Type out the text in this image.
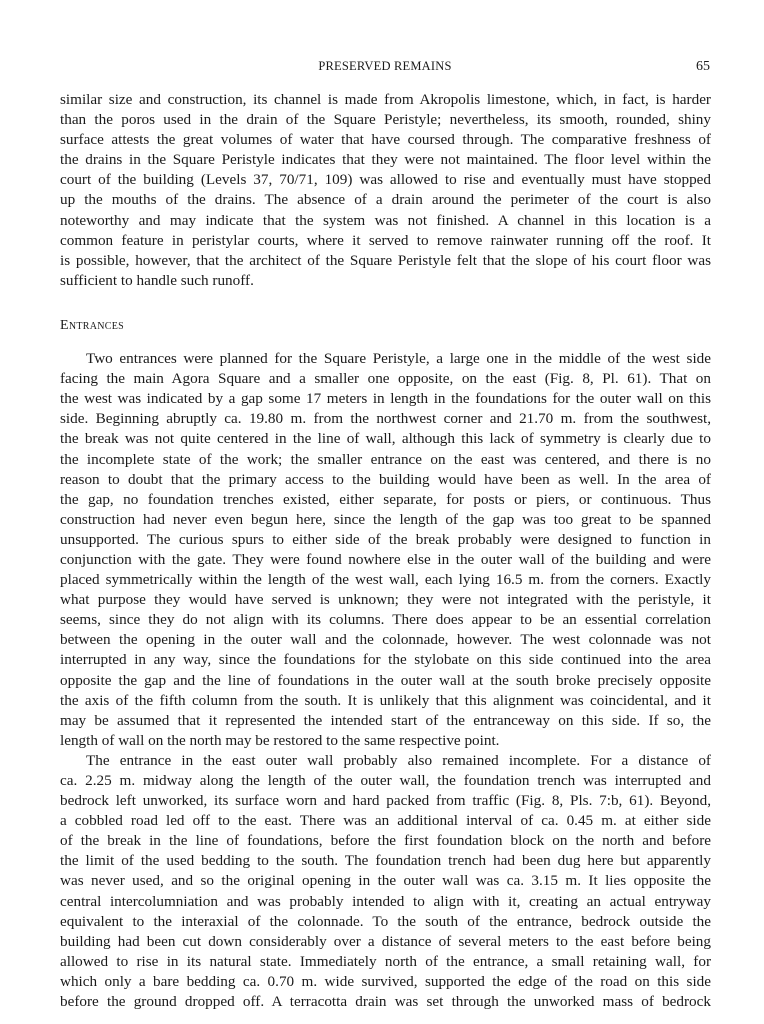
PRESERVED REMAINS	65
similar size and construction, its channel is made from Akropolis limestone, which, in fact, is harder
than the poros used in the drain of the Square Peristyle; nevertheless, its smooth, rounded, shiny
surface attests the great volumes of water that have coursed through. The comparative freshness of
the drains in the Square Peristyle indicates that they were not maintained. The floor level within the
court of the building (Levels 37, 70/71, 109) was allowed to rise and eventually must have stopped
up the mouths of the drains. The absence of a drain around the perimeter of the court is also
noteworthy and may indicate that the system was not finished. A channel in this location is a
common feature in peristylar courts, where it served to remove rainwater running off the roof. It
is possible, however, that the architect of the Square Peristyle felt that the slope of his court floor was
sufficient to handle such runoff.
Entrances
Two entrances were planned for the Square Peristyle, a large one in the middle of the west side
facing the main Agora Square and a smaller one opposite, on the east (Fig. 8, Pl. 61). That on
the west was indicated by a gap some 17 meters in length in the foundations for the outer wall on this
side. Beginning abruptly ca. 19.80 m. from the northwest corner and 21.70 m. from the southwest,
the break was not quite centered in the line of wall, although this lack of symmetry is clearly due to
the incomplete state of the work; the smaller entrance on the east was centered, and there is no
reason to doubt that the primary access to the building would have been as well. In the area of
the gap, no foundation trenches existed, either separate, for posts or piers, or continuous. Thus
construction had never even begun here, since the length of the gap was too great to be spanned
unsupported. The curious spurs to either side of the break probably were designed to function in
conjunction with the gate. They were found nowhere else in the outer wall of the building and were
placed symmetrically within the length of the west wall, each lying 16.5 m. from the corners. Exactly
what purpose they would have served is unknown; they were not integrated with the peristyle, it
seems, since they do not align with its columns. There does appear to be an essential correlation
between the opening in the outer wall and the colonnade, however. The west colonnade was not
interrupted in any way, since the foundations for the stylobate on this side continued into the area
opposite the gap and the line of foundations in the outer wall at the south broke precisely opposite
the axis of the fifth column from the south. It is unlikely that this alignment was coincidental, and it
may be assumed that it represented the intended start of the entranceway on this side. If so, the
length of wall on the north may be restored to the same respective point.
The entrance in the east outer wall probably also remained incomplete. For a distance of
ca. 2.25 m. midway along the length of the outer wall, the foundation trench was interrupted and
bedrock left unworked, its surface worn and hard packed from traffic (Fig. 8, Pls. 7:b, 61). Beyond,
a cobbled road led off to the east. There was an additional interval of ca. 0.45 m. at either side
of the break in the line of foundations, before the first foundation block on the north and before
the limit of the used bedding to the south. The foundation trench had been dug here but apparently
was never used, and so the original opening in the outer wall was ca. 3.15 m. It lies opposite the
central intercolumniation and was probably intended to align with it, creating an actual entryway
equivalent to the interaxial of the colonnade. To the south of the entrance, bedrock outside the
building had been cut down considerably over a distance of several meters to the east before being
allowed to rise in its natural state. Immediately north of the entrance, a small retaining wall, for
which only a bare bedding ca. 0.70 m. wide survived, supported the edge of the road on this side
before the ground dropped off. A terracotta drain was set through the unworked mass of bedrock
